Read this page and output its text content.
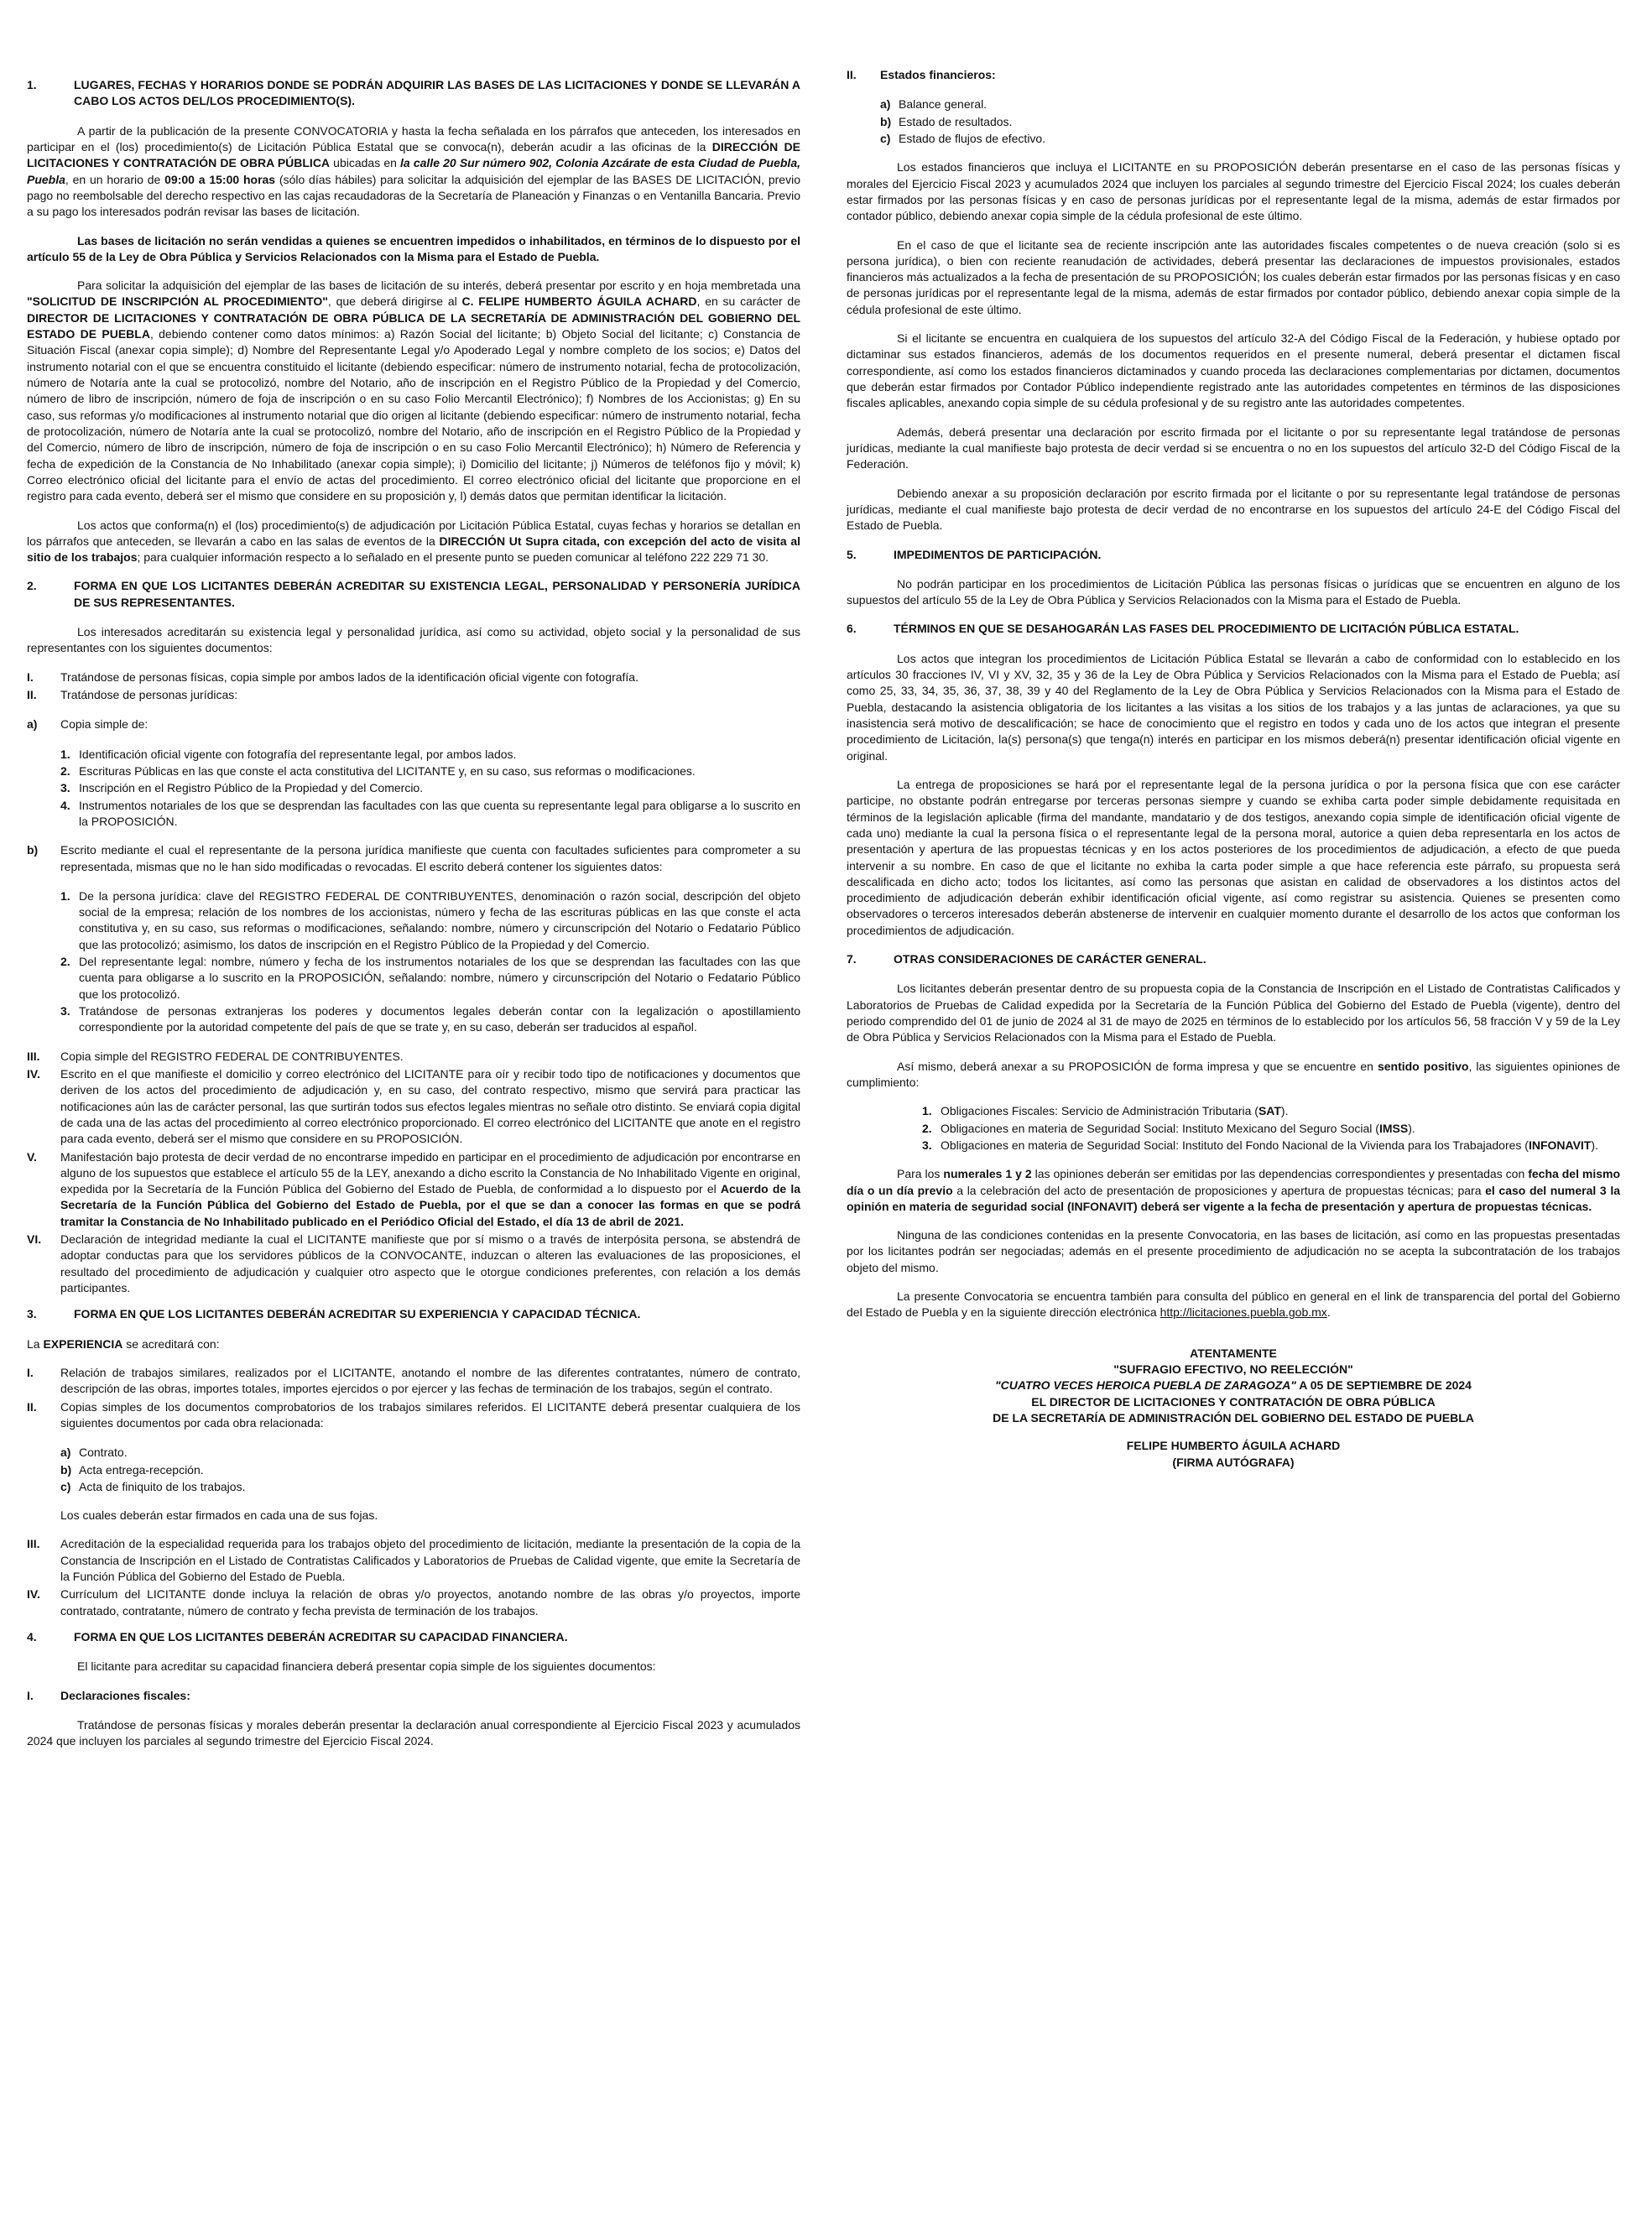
1.	LUGARES, FECHAS Y HORARIOS DONDE SE PODRÁN ADQUIRIR LAS BASES DE LAS LICITACIONES Y DONDE SE LLEVARÁN A CABO LOS ACTOS DEL/LOS PROCEDIMIENTO(S).

A partir de la publicación de la presente CONVOCATORIA y hasta la fecha señalada en los párrafos que anteceden, los interesados en participar en el (los) procedimiento(s) de Licitación Pública Estatal que se convoca(n), deberán acudir a las oficinas de la DIRECCIÓN DE LICITACIONES Y CONTRATACIÓN DE OBRA PÚBLICA ubicadas en la calle 20 Sur número 902, Colonia Azcárate de esta Ciudad de Puebla, Puebla, en un horario de 09:00 a 15:00 horas (sólo días hábiles) para solicitar la adquisición del ejemplar de las BASES DE LICITACIÓN, previo pago no reembolsable del derecho respectivo en las cajas recaudadoras de la Secretaría de Planeación y Finanzas o en Ventanilla Bancaria. Previo a su pago los interesados podrán revisar las bases de licitación.

Las bases de licitación no serán vendidas a quienes se encuentren impedidos o inhabilitados, en términos de lo dispuesto por el artículo 55 de la Ley de Obra Pública y Servicios Relacionados con la Misma para el Estado de Puebla.

Para solicitar la adquisición del ejemplar de las bases de licitación de su interés, deberá presentar por escrito y en hoja membretada una "SOLICITUD DE INSCRIPCIÓN AL PROCEDIMIENTO", que deberá dirigirse al C. FELIPE HUMBERTO ÁGUILA ACHARD, en su carácter de DIRECTOR DE LICITACIONES Y CONTRATACIÓN DE OBRA PÚBLICA DE LA SECRETARÍA DE ADMINISTRACIÓN DEL GOBIERNO DEL ESTADO DE PUEBLA, debiendo contener como datos mínimos: a) Razón Social del licitante; b) Objeto Social del licitante; c) Constancia de Situación Fiscal (anexar copia simple); d) Nombre del Representante Legal y/o Apoderado Legal y nombre completo de los socios; e) Datos del instrumento notarial con el que se encuentra constituido el licitante (debiendo especificar: número de instrumento notarial, fecha de protocolización, número de Notaría ante la cual se protocolizó, nombre del Notario, año de inscripción en el Registro Público de la Propiedad y del Comercio, número de libro de inscripción, número de foja de inscripción o en su caso Folio Mercantil Electrónico); f) Nombres de los Accionistas; g) En su caso, sus reformas y/o modificaciones al instrumento notarial que dio origen al licitante (debiendo especificar: número de instrumento notarial, fecha de protocolización, número de Notaría ante la cual se protocolizó, nombre del Notario, año de inscripción en el Registro Público de la Propiedad y del Comercio, número de libro de inscripción, número de foja de inscripción o en su caso Folio Mercantil Electrónico); h) Número de Referencia y fecha de expedición de la Constancia de No Inhabilitado (anexar copia simple); i) Domicilio del licitante; j) Números de teléfonos fijo y móvil; k) Correo electrónico oficial del licitante para el envío de actas del procedimiento. El correo electrónico oficial del licitante que proporcione en el registro para cada evento, deberá ser el mismo que considere en su proposición y, l) demás datos que permitan identificar la licitación.

Los actos que conforma(n) el (los) procedimiento(s) de adjudicación por Licitación Pública Estatal, cuyas fechas y horarios se detallan en los párrafos que anteceden, se llevarán a cabo en las salas de eventos de la DIRECCIÓN Ut Supra citada, con excepción del acto de visita al sitio de los trabajos; para cualquier información respecto a lo señalado en el presente punto se pueden comunicar al teléfono 222 229 71 30.

2.	FORMA EN QUE LOS LICITANTES DEBERÁN ACREDITAR SU EXISTENCIA LEGAL, PERSONALIDAD Y PERSONERÍA JURÍDICA DE SUS REPRESENTANTES.

Los interesados acreditarán su existencia legal y personalidad jurídica, así como su actividad, objeto social y la personalidad de sus representantes con los siguientes documentos:

I.	Tratándose de personas físicas, copia simple por ambos lados de la identificación oficial vigente con fotografía.
II.	Tratándose de personas jurídicas:
a)	Copia simple de:
1. Identificación oficial vigente con fotografía del representante legal, por ambos lados.
2. Escrituras Públicas en las que conste el acta constitutiva del LICITANTE y, en su caso, sus reformas o modificaciones.
3. Inscripción en el Registro Público de la Propiedad y del Comercio.
4. Instrumentos notariales de los que se desprendan las facultades con las que cuenta su representante legal para obligarse a lo suscrito en la PROPOSICIÓN.
b)	Escrito mediante el cual el representante de la persona jurídica manifieste que cuenta con facultades suficientes para comprometer a su representada, mismas que no le han sido modificadas o revocadas. El escrito deberá contener los siguientes datos:
1. De la persona jurídica: clave del REGISTRO FEDERAL DE CONTRIBUYENTES, denominación o razón social, descripción del objeto social de la empresa; relación de los nombres de los accionistas, número y fecha de las escrituras públicas en las que conste el acta constitutiva y, en su caso, sus reformas o modificaciones, señalando: nombre, número y circunscripción del Notario o Fedatario Público que las protocolizó; asimismo, los datos de inscripción en el Registro Público de la Propiedad y del Comercio.
2. Del representante legal: nombre, número y fecha de los instrumentos notariales de los que se desprendan las facultades con las que cuenta para obligarse a lo suscrito en la PROPOSICIÓN, señalando: nombre, número y circunscripción del Notario o Fedatario Público que los protocolizó.
3. Tratándose de personas extranjeras los poderes y documentos legales deberán contar con la legalización o apostillamiento correspondiente por la autoridad competente del país de que se trate y, en su caso, deberán ser traducidos al español.
III.	Copia simple del REGISTRO FEDERAL DE CONTRIBUYENTES.
IV.	Escrito en el que manifieste el domicilio y correo electrónico del LICITANTE para oír y recibir todo tipo de notificaciones y documentos que deriven de los actos del procedimiento de adjudicación y, en su caso, del contrato respectivo, mismo que servirá para practicar las notificaciones aún las de carácter personal, las que surtirán todos sus efectos legales mientras no señale otro distinto. Se enviará copia digital de cada una de las actas del procedimiento al correo electrónico proporcionado. El correo electrónico del LICITANTE que anote en el registro para cada evento, deberá ser el mismo que considere en su PROPOSICIÓN.
V.	Manifestación bajo protesta de decir verdad de no encontrarse impedido en participar en el procedimiento de adjudicación por encontrarse en alguno de los supuestos que establece el artículo 55 de la LEY, anexando a dicho escrito la Constancia de No Inhabilitado Vigente en original, expedida por la Secretaría de la Función Pública del Gobierno del Estado de Puebla, de conformidad a lo dispuesto por el Acuerdo de la Secretaría de la Función Pública del Gobierno del Estado de Puebla, por el que se dan a conocer las formas en que se podrá tramitar la Constancia de No Inhabilitado publicado en el Periódico Oficial del Estado, el día 13 de abril de 2021.
VI.	Declaración de integridad mediante la cual el LICITANTE manifieste que por sí mismo o a través de interpósita persona, se abstendrá de adoptar conductas para que los servidores públicos de la CONVOCANTE, induzcan o alteren las evaluaciones de las proposiciones, el resultado del procedimiento de adjudicación y cualquier otro aspecto que le otorgue condiciones preferentes, con relación a los demás participantes.
3.	FORMA EN QUE LOS LICITANTES DEBERÁN ACREDITAR SU EXPERIENCIA Y CAPACIDAD TÉCNICA.

La EXPERIENCIA se acreditará con:

I.	Relación de trabajos similares, realizados por el LICITANTE, anotando el nombre de las diferentes contratantes, número de contrato, descripción de las obras, importes totales, importes ejercidos o por ejercer y las fechas de terminación de los trabajos, según el contrato.
II.	Copias simples de los documentos comprobatorios de los trabajos similares referidos. El LICITANTE deberá presentar cualquiera de los siguientes documentos por cada obra relacionada:
a) Contrato.
b) Acta entrega-recepción.
c) Acta de finiquito de los trabajos.

Los cuales deberán estar firmados en cada una de sus fojas.

III.	Acreditación de la especialidad requerida para los trabajos objeto del procedimiento de licitación, mediante la presentación de la copia de la Constancia de Inscripción en el Listado de Contratistas Calificados y Laboratorios de Pruebas de Calidad vigente, que emite la Secretaría de la Función Pública del Gobierno del Estado de Puebla.
IV.	Currículum del LICITANTE donde incluya la relación de obras y/o proyectos, anotando nombre de las obras y/o proyectos, importe contratado, contratante, número de contrato y fecha prevista de terminación de los trabajos.
4.	FORMA EN QUE LOS LICITANTES DEBERÁN ACREDITAR SU CAPACIDAD FINANCIERA.

El licitante para acreditar su capacidad financiera deberá presentar copia simple de los siguientes documentos:

I.	Declaraciones fiscales:

Tratándose de personas físicas y morales deberán presentar la declaración anual correspondiente al Ejercicio Fiscal 2023 y acumulados 2024 que incluyen los parciales al segundo trimestre del Ejercicio Fiscal 2024.

II.	Estados financieros:
a) Balance general.
b) Estado de resultados.
c) Estado de flujos de efectivo.

Los estados financieros que incluya el LICITANTE en su PROPOSICIÓN deberán presentarse en el caso de las personas físicas y morales del Ejercicio Fiscal 2023 y acumulados 2024 que incluyen los parciales al segundo trimestre del Ejercicio Fiscal 2024; los cuales deberán estar firmados por las personas físicas y en caso de personas jurídicas por el representante legal de la misma, además de estar firmados por contador público, debiendo anexar copia simple de la cédula profesional de este último.

En el caso de que el licitante sea de reciente inscripción ante las autoridades fiscales competentes o de nueva creación (solo si es persona jurídica), o bien con reciente reanudación de actividades, deberá presentar las declaraciones de impuestos provisionales, estados financieros más actualizados a la fecha de presentación de su PROPOSICIÓN; los cuales deberán estar firmados por las personas físicas y en caso de personas jurídicas por el representante legal de la misma, además de estar firmados por contador público, debiendo anexar copia simple de la cédula profesional de este último.

Si el licitante se encuentra en cualquiera de los supuestos del artículo 32-A del Código Fiscal de la Federación, y hubiese optado por dictaminar sus estados financieros, además de los documentos requeridos en el presente numeral, deberá presentar el dictamen fiscal correspondiente, así como los estados financieros dictaminados y cuando proceda las declaraciones complementarias por dictamen, documentos que deberán estar firmados por Contador Público independiente registrado ante las autoridades competentes en términos de las disposiciones fiscales aplicables, anexando copia simple de su cédula profesional y de su registro ante las autoridades competentes.

Además, deberá presentar una declaración por escrito firmada por el licitante o por su representante legal tratándose de personas jurídicas, mediante la cual manifieste bajo protesta de decir verdad si se encuentra o no en los supuestos del artículo 32-D del Código Fiscal de la Federación.

Debiendo anexar a su proposición declaración por escrito firmada por el licitante o por su representante legal tratándose de personas jurídicas, mediante el cual manifieste bajo protesta de decir verdad de no encontrarse en los supuestos del artículo 24-E del Código Fiscal del Estado de Puebla.

5.	IMPEDIMENTOS DE PARTICIPACIÓN.

No podrán participar en los procedimientos de Licitación Pública las personas físicas o jurídicas que se encuentren en alguno de los supuestos del artículo 55 de la Ley de Obra Pública y Servicios Relacionados con la Misma para el Estado de Puebla.

6.	TÉRMINOS EN QUE SE DESAHOGARÁN LAS FASES DEL PROCEDIMIENTO DE LICITACIÓN PÚBLICA ESTATAL.

Los actos que integran los procedimientos de Licitación Pública Estatal se llevarán a cabo de conformidad con lo establecido en los artículos 30 fracciones IV, VI y XV, 32, 35 y 36 de la Ley de Obra Pública y Servicios Relacionados con la Misma para el Estado de Puebla; así como 25, 33, 34, 35, 36, 37, 38, 39 y 40 del Reglamento de la Ley de Obra Pública y Servicios Relacionados con la Misma para el Estado de Puebla, destacando la asistencia obligatoria de los licitantes a las visitas a los sitios de los trabajos y a las juntas de aclaraciones, ya que su inasistencia será motivo de descalificación; se hace de conocimiento que el registro en todos y cada uno de los actos que integran el presente procedimiento de Licitación, la(s) persona(s) que tenga(n) interés en participar en los mismos deberá(n) presentar identificación oficial vigente en original.

La entrega de proposiciones se hará por el representante legal de la persona jurídica o por la persona física que con ese carácter participe, no obstante podrán entregarse por terceras personas siempre y cuando se exhiba carta poder simple debidamente requisitada en términos de la legislación aplicable (firma del mandante, mandatario y de dos testigos, anexando copia simple de identificación oficial vigente de cada uno) mediante la cual la persona física o el representante legal de la persona moral, autorice a quien deba representarla en los actos de presentación y apertura de las propuestas técnicas y en los actos posteriores de los procedimientos de adjudicación, a efecto de que pueda intervenir a su nombre. En caso de que el licitante no exhiba la carta poder simple a que hace referencia este párrafo, su propuesta será descalificada en dicho acto; todos los licitantes, así como las personas que asistan en calidad de observadores a los distintos actos del procedimiento de adjudicación deberán exhibir identificación oficial vigente, así como registrar su asistencia. Quienes se presenten como observadores o terceros interesados deberán abstenerse de intervenir en cualquier momento durante el desarrollo de los actos que conforman los procedimientos de adjudicación.

7.	OTRAS CONSIDERACIONES DE CARÁCTER GENERAL.

Los licitantes deberán presentar dentro de su propuesta copia de la Constancia de Inscripción en el Listado de Contratistas Calificados y Laboratorios de Pruebas de Calidad expedida por la Secretaría de la Función Pública del Gobierno del Estado de Puebla (vigente), dentro del periodo comprendido del 01 de junio de 2024 al 31 de mayo de 2025 en términos de lo establecido por los artículos 56, 58 fracción V y 59 de la Ley de Obra Pública y Servicios Relacionados con la Misma para el Estado de Puebla.

Así mismo, deberá anexar a su PROPOSICIÓN de forma impresa y que se encuentre en sentido positivo, las siguientes opiniones de cumplimiento:

1. Obligaciones Fiscales: Servicio de Administración Tributaria (SAT).
2. Obligaciones en materia de Seguridad Social: Instituto Mexicano del Seguro Social (IMSS).
3. Obligaciones en materia de Seguridad Social: Instituto del Fondo Nacional de la Vivienda para los Trabajadores (INFONAVIT).

Para los numerales 1 y 2 las opiniones deberán ser emitidas por las dependencias correspondientes y presentadas con fecha del mismo día o un día previo a la celebración del acto de presentación de proposiciones y apertura de propuestas técnicas; para el caso del numeral 3 la opinión en materia de seguridad social (INFONAVIT) deberá ser vigente a la fecha de presentación y apertura de propuestas técnicas.

Ninguna de las condiciones contenidas en la presente Convocatoria, en las bases de licitación, así como en las propuestas presentadas por los licitantes podrán ser negociadas; además en el presente procedimiento de adjudicación no se acepta la subcontratación de los trabajos objeto del mismo.

La presente Convocatoria se encuentra también para consulta del público en general en el link de transparencia del portal del Gobierno del Estado de Puebla y en la siguiente dirección electrónica http://licitaciones.puebla.gob.mx.

ATENTAMENTE
"SUFRAGIO EFECTIVO, NO REELECCIÓN"
"CUATRO VECES HEROICA PUEBLA DE ZARAGOZA" A 05 DE SEPTIEMBRE DE 2024
EL DIRECTOR DE LICITACIONES Y CONTRATACIÓN DE OBRA PÚBLICA
DE LA SECRETARÍA DE ADMINISTRACIÓN DEL GOBIERNO DEL ESTADO DE PUEBLA
FELIPE HUMBERTO ÁGUILA ACHARD
(FIRMA AUTÓGRAFA)
